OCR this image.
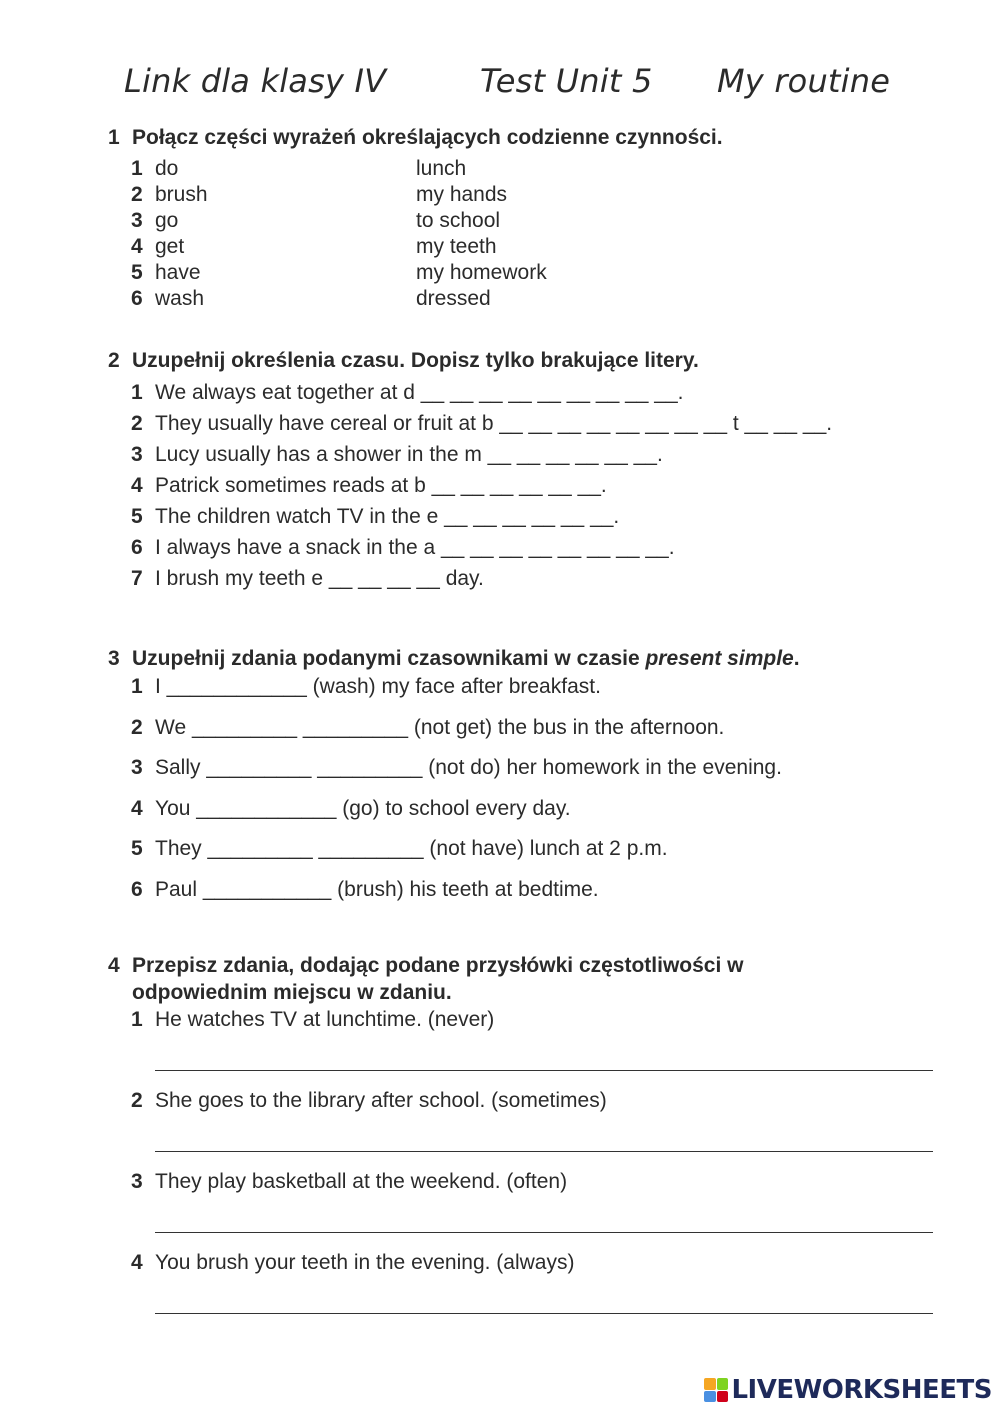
Link dla klasy IV	Test Unit 5 My routine
1 Połącz części wyrażeń określających codzienne czynności.
1 do	lunch
2 brush	my hands
3 go	to school
4 get	my teeth
5 have	my homework
6 wash	dressed
2 Uzupełnij określenia czasu. Dopisz tylko brakujące litery.
1 We always eat together at d __ __ __ __ __ __ __ __ __.
2 They usually have cereal or fruit at b __ __ __ __ __ __ __ __ t __ __ __.
3 Lucy usually has a shower in the m __ __ __ __ __ __.
4 Patrick sometimes reads at b __ __ __ __ __ __.
5 The children watch TV in the e __ __ __ __ __ __.
6 I always have a snack in the a __ __ __ __ __ __ __ __.
7 I brush my teeth e __ __ __ __ day.
3 Uzupełnij zdania podanymi czasownikami w czasie present simple.
1 I ____________ (wash) my face after breakfast.
2 We _________ _________ (not get) the bus in the afternoon.
3 Sally _________ _________ (not do) her homework in the evening.
4 You ____________ (go) to school every day.
5 They _________ _________ (not have) lunch at 2 p.m.
6 Paul ___________ (brush) his teeth at bedtime.
4 Przepisz zdania, dodając podane przysłówki częstotliwości w
odpowiednim miejscu w zdaniu.
1 He watches TV at lunchtime. (never)
2 She goes to the library after school. (sometimes)
3 They play basketball at the weekend. (often)
4 You brush your teeth in the evening. (always)
LIVEWORKSHEETS
